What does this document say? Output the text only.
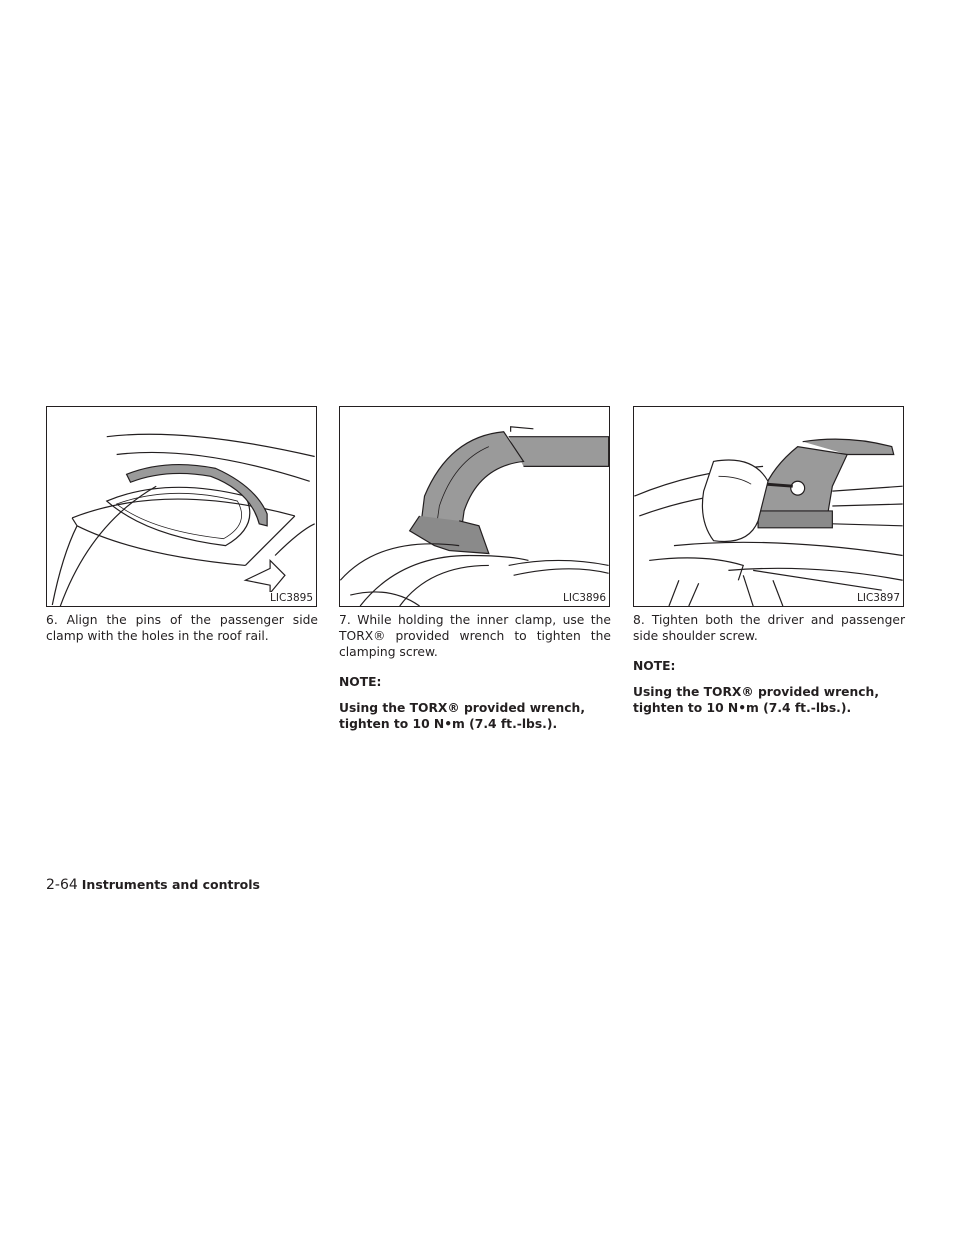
LIC3895	LIC3896	LIC3897

6. Align the pins of the passenger side clamp with the holes in the roof rail.

7. While holding the inner clamp, use the TORX® provided wrench to tighten the clamping screw.

NOTE:

Using the TORX® provided wrench, tighten to 10 N•m (7.4 ft.-lbs.).

8. Tighten both the driver and passenger side shoulder screw.

NOTE:

Using the TORX® provided wrench, tighten to 10 N•m (7.4 ft.-lbs.).

2-64 Instruments and controls
